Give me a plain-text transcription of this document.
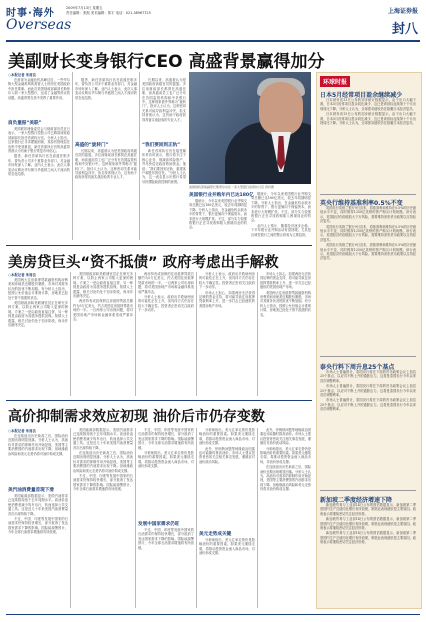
时事·海外
Overseas
2009年7月13日 星期五
责任编辑：张熙 美术编辑：郭宇 电话：021-38967725	上海证券报
封八
美副财长变身银行CEO 高盛背景赢得加分
○本报记者 朱周良

在被视为金融危机高峰过后，一些华尔街大型金融机构的高管人士纷纷在美国政府中担任要职。而此次美国财政部副部长斯蒂尔入职一家大型银行，也成了金融界热议的话题。高盛背景在其中发挥了重要作用。

肩负重振“美联”

美国联邦储备委员会与财政部官员近日表示，一家大型银行控股公司已聘请前财政部副部长担任首席执行官。分析人士指出，这家银行正寻求摆脱困境，其原有管理层在危机中受到重创，新任首席执行官的高盛背景被认为有助于银行恢复市场信心。

据悉，新任首席执行官在高盛任职多年，曾负责公司多个重要业务部门，对金融市场有深入了解。业内人士表示，此次人事变动反映出华尔街与华盛顿之间人才流动的常态化趋势。

据悉，新任首席执行官在高盛任职多年，曾负责公司多个重要业务部门，对金融市场有深入了解。业内人士表示，此次人事变动反映出华尔街与华盛顿之间人才流动的常态化趋势。

高盛的“旋转门”

长期以来，高盛被认为是美国政府高级官员的摇篮。多位前财政部长都曾在高盛任职，而高盛前员工也广泛分布在各国监管机构和中央银行中。这种现象被外界称为“旋转门”。批评人士认为，这种密切关系可能导致利益冲突，但支持者则认为，这有助于政府获得具备实战经验的专业人才。

长期以来，高盛被认为是美国政府高级官员的摇篮。多位前财政部长都曾在高盛任职，而高盛前员工也广泛分布在各国监管机构和中央银行中。这种现象被外界称为“旋转门”。批评人士认为，这种密切关系可能导致利益冲突，但支持者则认为，这有助于政府获得具备实战经验的专业人才。

“我们要回到正轨”

新任首席执行官在接受媒体采访时表示，银行将专注于核心业务，削减高风险资产，并尽快偿还政府救助资金。他说：“我们要回到正轨，重建客户和股东的信任。”分析人士认为，这一表态显示出银行希望尽快摆脱政府控制的意图。

美国财政部前副部长斯蒂尔出任一家大型银行首席执行官 资料图
美国银行业并购年内已达180亿

据统计，今年以来美国银行业并购交易总额已达180亿美元，较去年同期明显下降。分析人士指出，在金融危机余波未平的背景下，银行更倾向于保留资本，而非进行大规模扩张。不过，部分实力较强的银行正在寻找收购陷入困境同业的机会。

据统计，今年以来美国银行业并购交易总额已达180亿美元，较去年同期明显下降。分析人士指出，在金融危机余波未平的背景下，银行更倾向于保留资本，而非进行大规模扩张。不过，部分实力较强的银行正在寻找收购陷入困境同业的机会。

业内人士预计，随着经济逐步企稳，下半年银行业并购活动有望回暖，尤其是区域性银行之间的整合将成为主要趋势。

环球时报
日本5月经常项目盈余继续减少

日本财务省13日公布的初步统计数据显示，由于出口大幅下滑，日本5月经常项目盈余同比减少，这已是该指标连续第十个月出现同比下降。分析人士认为，全球需求疲软仍在拖累日本经济复苏。

日本财务省13日公布的初步统计数据显示，由于出口大幅下滑，日本5月经常项目盈余同比减少，这已是该指标连续第十个月出现同比下降。分析人士认为，全球需求疲软仍在拖累日本经济复苏。

英央行维持基准利率0.5%不变

英国央行英格兰银行9日宣布，将基准利率维持在0.5%的历史最低水平不变，同时维持1250亿英镑的资产购买计划规模。该行表示，英国经济仍面临较大下行风险，需要维持宽松货币政策以支持经济复苏。

英国央行英格兰银行9日宣布，将基准利率维持在0.5%的历史最低水平不变，同时维持1250亿英镑的资产购买计划规模。该行表示，英国经济仍面临较大下行风险，需要维持宽松货币政策以支持经济复苏。

英国央行英格兰银行9日宣布，将基准利率维持在0.5%的历史最低水平不变，同时维持1250亿英镑的资产购买计划规模。该行表示，英国经济仍面临较大下行风险，需要维持宽松货币政策以支持经济复苏。

泰央行料下周升息25个基点

市场人士普遍预计，泰国央行将在下周的货币政策会议上加息25个基点，以应对不断上升的通胀压力。这将是泰国央行今年以来首次调整利率。

市场人士普遍预计，泰国央行将在下周的货币政策会议上加息25个基点，以应对不断上升的通胀压力。这将是泰国央行今年以来首次调整利率。

市场人士普遍预计，泰国央行将在下周的货币政策会议上加息25个基点，以应对不断上升的通胀压力。这将是泰国央行今年以来首次调整利率。

新加坡二季度经济增速下降

新加坡贸易与工业部14日公布的预估数据显示，新加坡第二季度国内生产总值同比增长有所放缓，制造业表现疲软是主要原因。政府表示将继续密切关注经济形势。

新加坡贸易与工业部14日公布的预估数据显示，新加坡第二季度国内生产总值同比增长有所放缓，制造业表现疲软是主要原因。政府表示将继续密切关注经济形势。

新加坡贸易与工业部14日公布的预估数据显示，新加坡第二季度国内生产总值同比增长有所放缓，制造业表现疲软是主要原因。政府表示将继续密切关注经济形势。

美房贷巨头“资不抵债” 政府考虑出手解救
○本报记者 朱周良

美国两大住房抵押贷款融资机构房利美和房地美近期股价暴跌，市场对其财务状况的担忧不断加剧。有分析人士指出，按照公允价值会计准则计算，房地美已经处于资不抵债的状态。

美国财政部和美联储官员正在研究多种方案，以防止两家公司陷入更深的困境。方案之一是由政府直接注资，另一种则是由政府为其债务提供担保。知情人士透露，相关讨论仍处于初步阶段，尚未作出最终决定。

美国财政部和美联储官员正在研究多种方案，以防止两家公司陷入更深的困境。方案之一是由政府直接注资，另一种则是由政府为其债务提供担保。知情人士透露，相关讨论仍处于初步阶段，尚未作出最终决定。

两房持有或担保的住房抵押贷款总额约为5万亿美元，约占美国住房抵押贷款市场的一半。一旦两家公司出现问题，将对美国房地产市场和金融体系造成严重冲击。

两房持有或担保的住房抵押贷款总额约为5万亿美元，约占美国住房抵押贷款市场的一半。一旦两家公司出现问题，将对美国房地产市场和金融体系造成严重冲击。

分析人士表示，政府出手救助两房的可能性正在上升，但具体方式仍存在较大不确定性。投资者正密切关注政府下一步动作。

分析人士表示，政府出手救助两房的可能性正在上升，但具体方式仍存在较大不确定性。投资者正密切关注政府下一步动作。

市场人士担心，如果两房无法获得足够的资金支持，将可能导致住房抵押贷款利率上升，进一步打击已经疲软的美国房地产市场。

市场人士担心，如果两房无法获得足够的资金支持，将可能导致住房抵押贷款利率上升，进一步打击已经疲软的美国房地产市场。

美国两大住房抵押贷款融资机构房利美和房地美近期股价暴跌，市场对其财务状况的担忧不断加剧。有分析人士指出，按照公允价值会计准则计算，房地美已经处于资不抵债的状态。

高价抑制需求效应初现 油价后市仍存变数
○本报记者 朱周良

在连续创出历史新高之后，国际油价近期出现明显回落。分析人士认为，高油价对需求的抑制作用开始显现，美国等主要消费国的汽油需求出现下降。但地缘政治风险和美元走势仍将对油价构成支撑。

美汽油消费量首现下滑

美国能源部数据显示，美国汽油需求已连续数周低于去年同期水平。高油价迫使消费者减少驾车出行，转而选择公共交通工具。这是近几十年来美国汽油消费量首次出现持续下降。

不过，中国、印度等发展中国家的石油需求仍保持较快增长，部分抵消了发达国家需求下降的影响。国际能源署预计，今年全球石油需求增速将有所放缓。

美国能源部数据显示，美国汽油需求已连续数周低于去年同期水平。高油价迫使消费者减少驾车出行，转而选择公共交通工具。这是近几十年来美国汽油消费量首次出现持续下降。

在连续创出历史新高之后，国际油价近期出现明显回落。分析人士认为，高油价对需求的抑制作用开始显现，美国等主要消费国的汽油需求出现下降。但地缘政治风险和美元走势仍将对油价构成支撑。

不过，中国、印度等发展中国家的石油需求仍保持较快增长，部分抵消了发达国家需求下降的影响。国际能源署预计，今年全球石油需求增速将有所放缓。

不过，中国、印度等发展中国家的石油需求仍保持较快增长，部分抵消了发达国家需求下降的影响。国际能源署预计，今年全球石油需求增速将有所放缓。

分析师指出，美元汇率走势仍是影响油价的重要因素。如果美元继续走弱，将推动投资资金流入商品市场，对油价形成支撑。

发展中国家需求仍旺

不过，中国、印度等发展中国家的石油需求仍保持较快增长，部分抵消了发达国家需求下降的影响。国际能源署预计，今年全球石油需求增速将有所放缓。

分析师指出，美元汇率走势仍是影响油价的重要因素。如果美元继续走弱，将推动投资资金流入商品市场，对油价形成支撑。

此外，伊朗核问题等地缘政治因素也可能随时推高油价。市场人士建议投资者密切关注相关事态发展，谨慎应对油价波动风险。

美元走势成关键

分析师指出，美元汇率走势仍是影响油价的重要因素。如果美元继续走弱，将推动投资资金流入商品市场，对油价形成支撑。

此外，伊朗核问题等地缘政治因素也可能随时推高油价。市场人士建议投资者密切关注相关事态发展，谨慎应对油价波动风险。

分析师指出，美元汇率走势仍是影响油价的重要因素。如果美元继续走弱，将推动投资资金流入商品市场，对油价形成支撑。

在连续创出历史新高之后，国际油价近期出现明显回落。分析人士认为，高油价对需求的抑制作用开始显现，美国等主要消费国的汽油需求出现下降。但地缘政治风险和美元走势仍将对油价构成支撑。
